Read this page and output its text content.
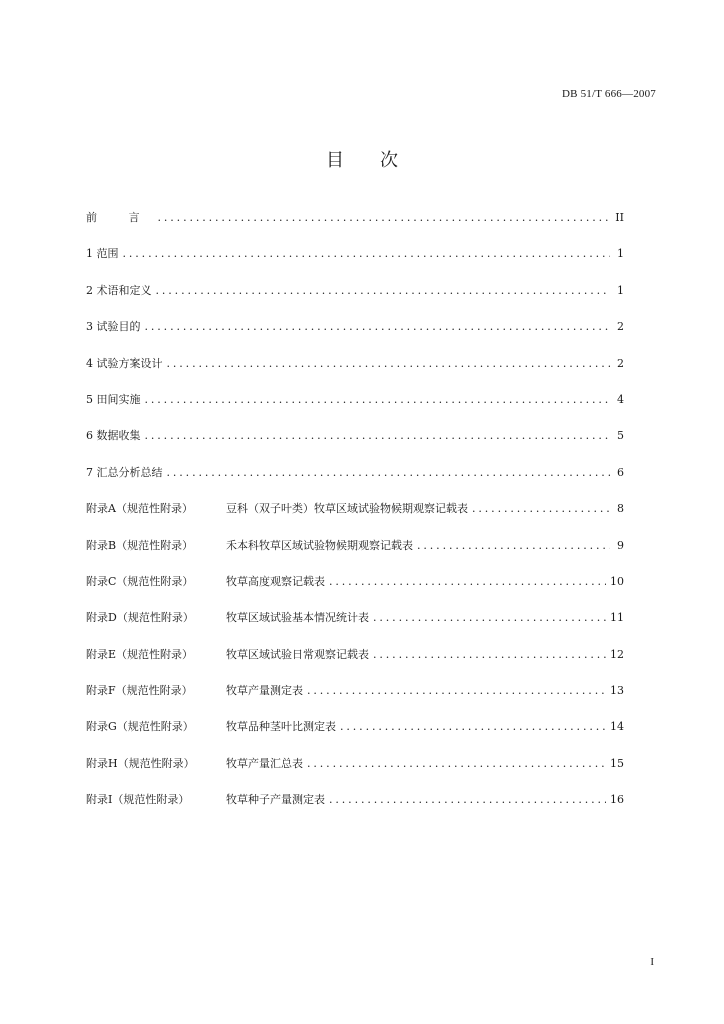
DB 51/T 666—2007
目次
前 言 . . .	II
1 范围 . . .	1
2 术语和定义 . . .	1
3 试验目的 . . .	2
4 试验方案设计 . . .	2
5 田间实施 . . .	4
6 数据收集 . . .	5
7 汇总分析总结 . . .	6
附录A（规范性附录）	豆科（双子叶类）牧草区域试验物候期观察记载表 . . .	8
附录B（规范性附录）	禾本科牧草区域试验物候期观察记载表 . . .	9
附录C（规范性附录）	牧草高度观察记载表 . . .	10
附录D（规范性附录）	牧草区域试验基本情况统计表 . . .	11
附录E（规范性附录）	牧草区域试验日常观察记载表 . . .	12
附录F（规范性附录）	牧草产量测定表 . . .	13
附录G（规范性附录）	牧草品种茎叶比测定表 . . .	14
附录H（规范性附录）	牧草产量汇总表 . . .	15
附录I（规范性附录）	牧草种子产量测定表 . . .	16
I
